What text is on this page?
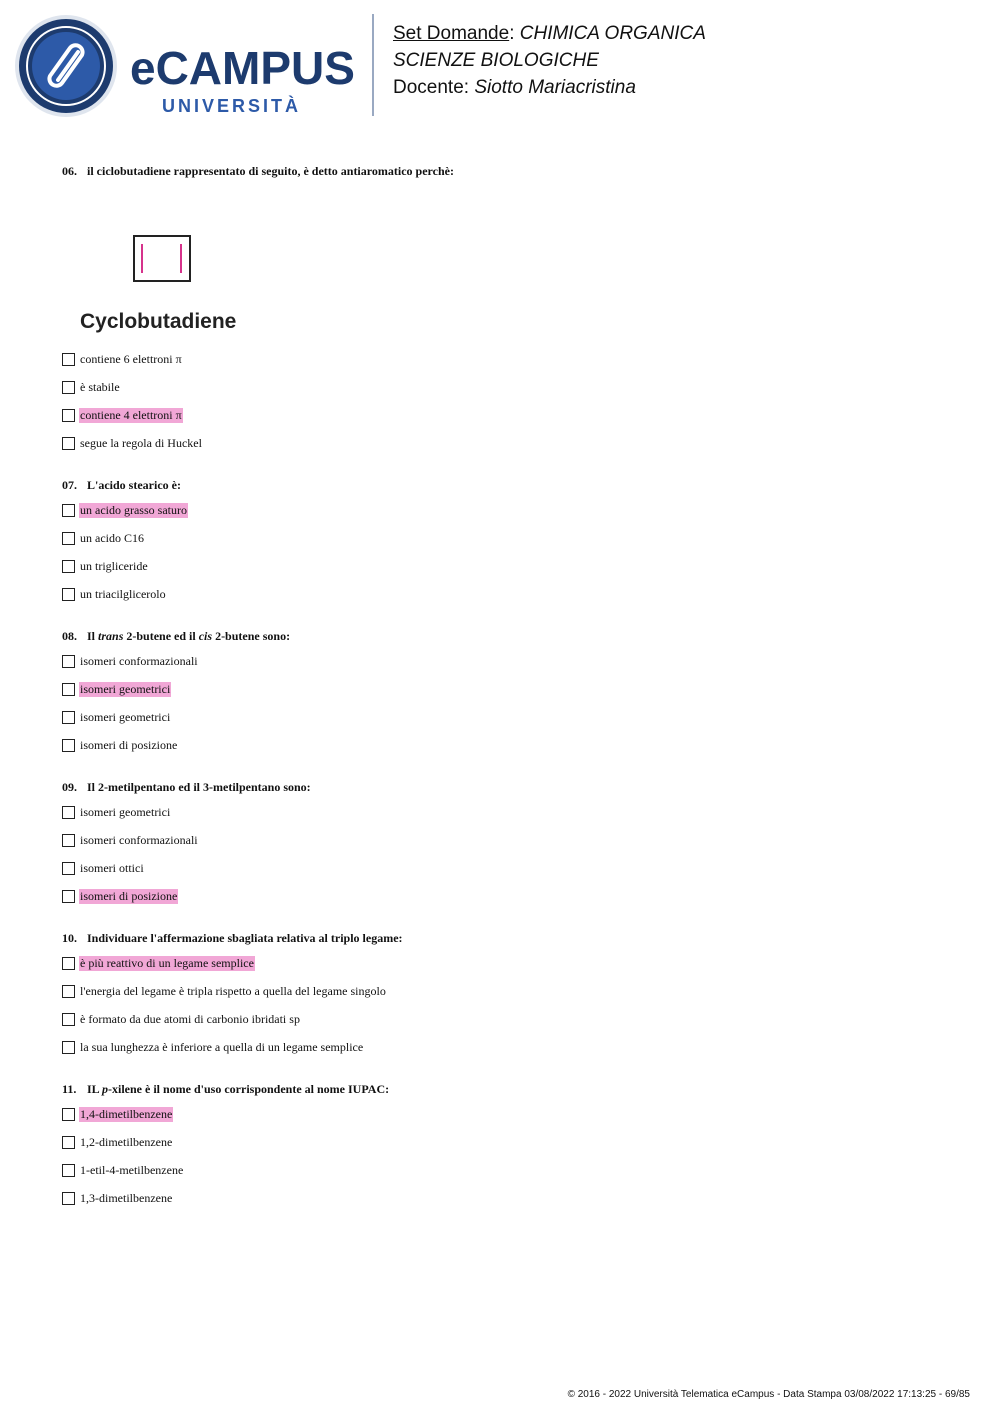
eCAMPUS
UNIVERSITÀ
Set Domande: CHIMICA ORGANICA
SCIENZE BIOLOGICHE
Docente: Siotto Mariacristina

06. il ciclobutadiene rappresentato di seguito, è detto antiaromatico perchè:

Cyclobutadiene
contiene 6 elettroni π
è stabile
contiene 4 elettroni π
segue la regola di Huckel

07. L'acido stearico è:

un acido grasso saturo
un acido C16
un trigliceride
un triacilglicerolo

08. Il trans 2-butene ed il cis 2-butene sono:

isomeri conformazionali
isomeri geometrici
isomeri geometrici
isomeri di posizione

09. Il 2-metilpentano ed il 3-metilpentano sono:

isomeri geometrici
isomeri conformazionali
isomeri ottici
isomeri di posizione

10. Individuare l'affermazione sbagliata relativa al triplo legame:

è più reattivo di un legame semplice
l'energia del legame è tripla rispetto a quella del legame singolo
è formato da due atomi di carbonio ibridati sp
la sua lunghezza è inferiore a quella di un legame semplice

11. IL p-xilene è il nome d'uso corrispondente al nome IUPAC:

1,4-dimetilbenzene
1,2-dimetilbenzene
1-etil-4-metilbenzene
1,3-dimetilbenzene
© 2016 - 2022 Università Telematica eCampus - Data Stampa 03/08/2022 17:13:25 - 69/85
